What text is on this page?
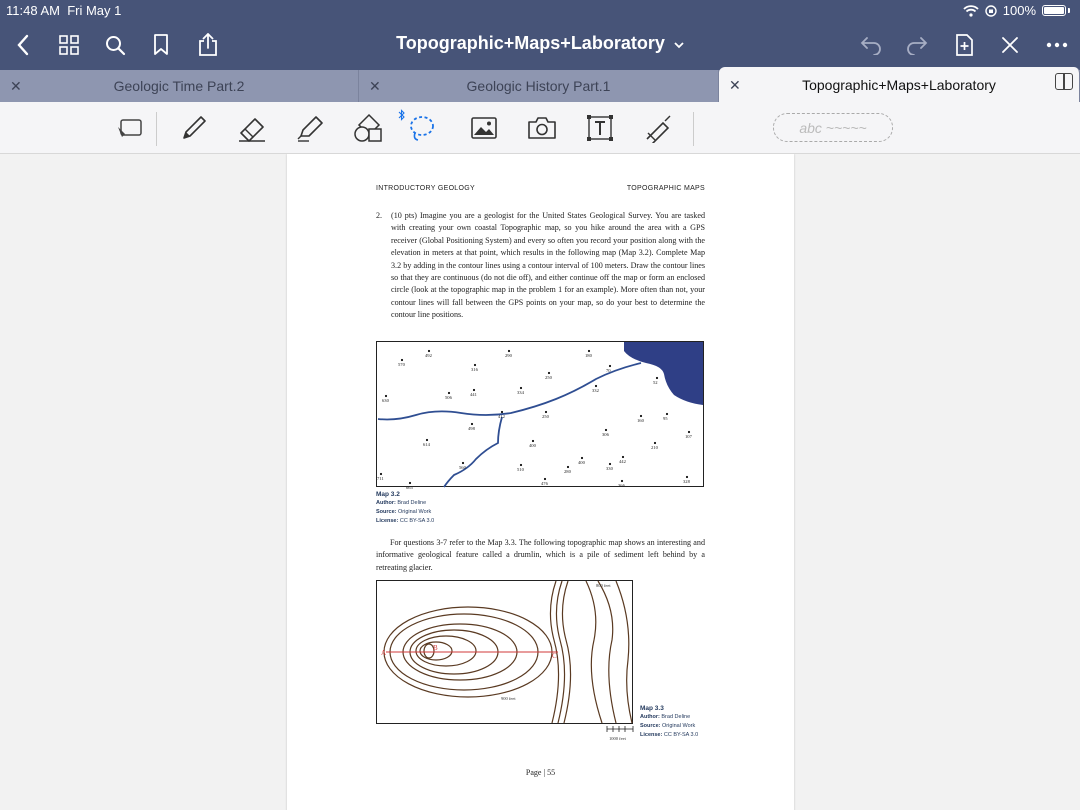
11:48 AM Fri May 1	100%
Topographic+Maps+Laboratory
✕	Geologic Time Part.2	✕	Geologic History Part.1	✕	Topographic+Maps+Laboratory
abc ~~~~~
INTRODUCTORY GEOLOGY	TOPOGRAPHIC MAPS
2. (10 pts) Imagine you are a geologist for the United States Geological Survey. You are tasked with creating your own coastal Topographic map, so you hike around the area with a GPS receiver (Global Positioning System) and every so often you record your position along with the elevation in meters at that point, which results in the following map (Map 3.2). Complete Map 3.2 by adding in the contour lines using a contour interval of 100 meters. Draw the contour lines so that they are continuous (do not die off), and either continue off the map or form an enclosed circle (look at the topographic map in the problem 1 for an example). More often than not, your contour lines will fall between the GPS points on your map, so do your best to determine the contour line positions.
570
492	290	180
316
250
70
52
630
506
441	334	332
412	250
160	95
498
306	107
614	400	210
560
400	442
510	280
330
711
476	328
665	366
Map 3.2
Author: Brad Deline
Source: Original Work
License: CC BY-SA 3.0
For questions 3-7 refer to the Map 3.3. The following topographic map shows an interesting and informative geological feature called a drumlin, which is a pile of sediment left behind by a retreating glacier.
A
B
C
800 feet
900 feet
1000 feet
Map 3.3
Author: Brad Deline
Source: Original Work
License: CC BY-SA 3.0
Page | 55
